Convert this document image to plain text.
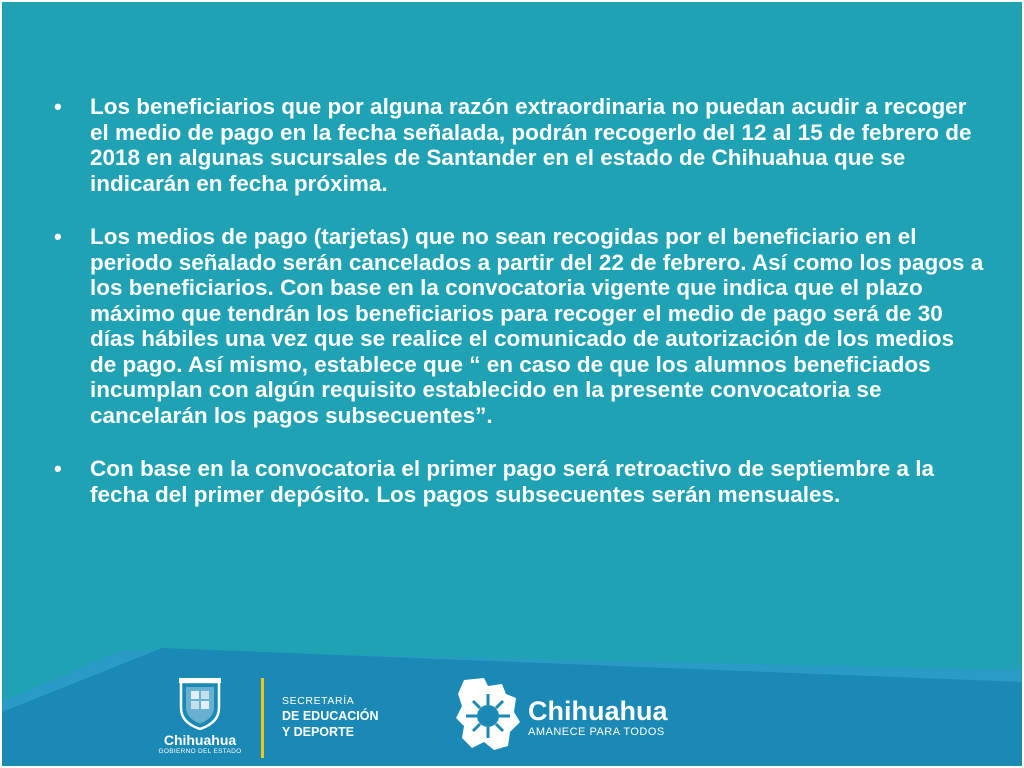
• Los beneficiarios que por alguna razón extraordinaria no puedan acudir a recoger el medio de pago en la fecha señalada, podrán recogerlo del 12 al 15 de febrero de 2018 en algunas sucursales de Santander en el estado de Chihuahua que se indicarán en fecha próxima.
• Los medios de pago (tarjetas) que no sean recogidas por el beneficiario en el periodo señalado serán cancelados a partir del 22 de febrero. Así como los pagos a los beneficiarios. Con base en la convocatoria vigente que indica que el plazo máximo que tendrán los beneficiarios para recoger el medio de pago será de 30 días hábiles una vez que se realice el comunicado de autorización de los medios de pago. Así mismo, establece que “ en caso de que los alumnos beneficiados incumplan con algún requisito establecido en la presente convocatoria se cancelarán los pagos subsecuentes”.
• Con base en la convocatoria el primer pago será retroactivo de septiembre a la fecha del primer depósito. Los pagos subsecuentes serán mensuales.
Chihuahua
GOBIERNO DEL ESTADO
SECRETARÍA
DE EDUCACIÓN
Y DEPORTE
Chihuahua
AMANECE PARA TODOS
